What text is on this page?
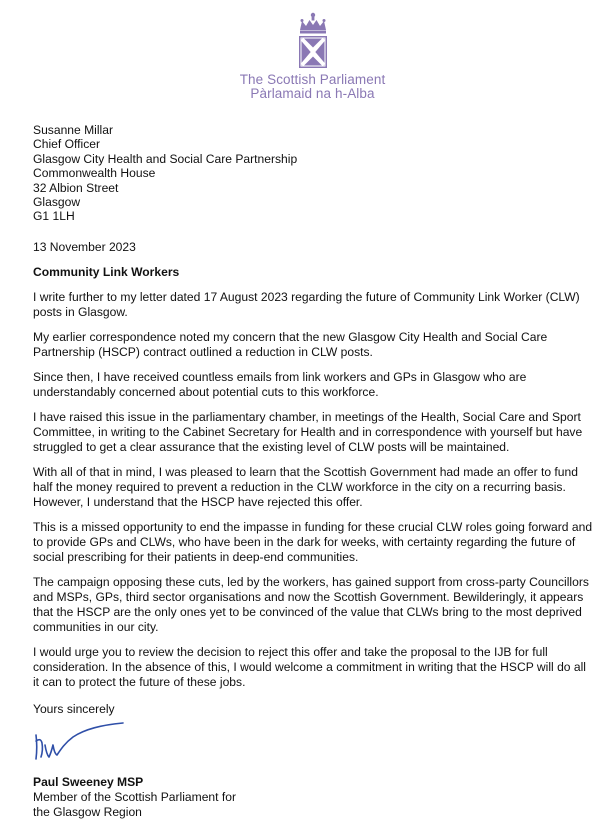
The Scottish Parliament
Pàrlamaid na h-Alba
Susanne Millar
Chief Officer
Glasgow City Health and Social Care Partnership
Commonwealth House
32 Albion Street
Glasgow
G1 1LH
13 November 2023
Community Link Workers

I write further to my letter dated 17 August 2023 regarding the future of Community Link Worker (CLW) posts in Glasgow.

My earlier correspondence noted my concern that the new Glasgow City Health and Social Care Partnership (HSCP) contract outlined a reduction in CLW posts.

Since then, I have received countless emails from link workers and GPs in Glasgow who are understandably concerned about potential cuts to this workforce.

I have raised this issue in the parliamentary chamber, in meetings of the Health, Social Care and Sport Committee, in writing to the Cabinet Secretary for Health and in correspondence with yourself but have struggled to get a clear assurance that the existing level of CLW posts will be maintained.

With all of that in mind, I was pleased to learn that the Scottish Government had made an offer to fund half the money required to prevent a reduction in the CLW workforce in the city on a recurring basis. However, I understand that the HSCP have rejected this offer.

This is a missed opportunity to end the impasse in funding for these crucial CLW roles going forward and to provide GPs and CLWs, who have been in the dark for weeks, with certainty regarding the future of social prescribing for their patients in deep-end communities.

The campaign opposing these cuts, led by the workers, has gained support from cross-party Councillors and MSPs, GPs, third sector organisations and now the Scottish Government. Bewilderingly, it appears that the HSCP are the only ones yet to be convinced of the value that CLWs bring to the most deprived communities in our city.

I would urge you to review the decision to reject this offer and take the proposal to the IJB for full consideration. In the absence of this, I would welcome a commitment in writing that the HSCP will do all it can to protect the future of these jobs.

Yours sincerely
Paul Sweeney MSP
Member of the Scottish Parliament for
the Glasgow Region
